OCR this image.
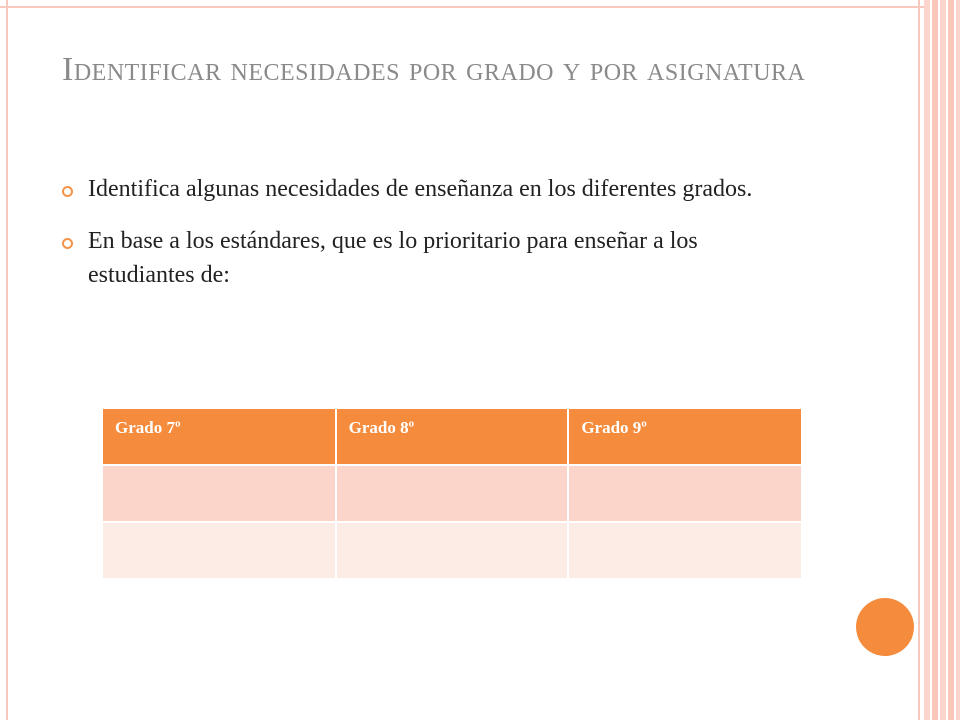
Identificar necesidades por grado y por asignatura
Identifica algunas necesidades de enseñanza en los diferentes grados.
En base a los estándares, que es lo prioritario para enseñar a los estudiantes de:
Grado 7º	Grado 8º	Grado 9º
